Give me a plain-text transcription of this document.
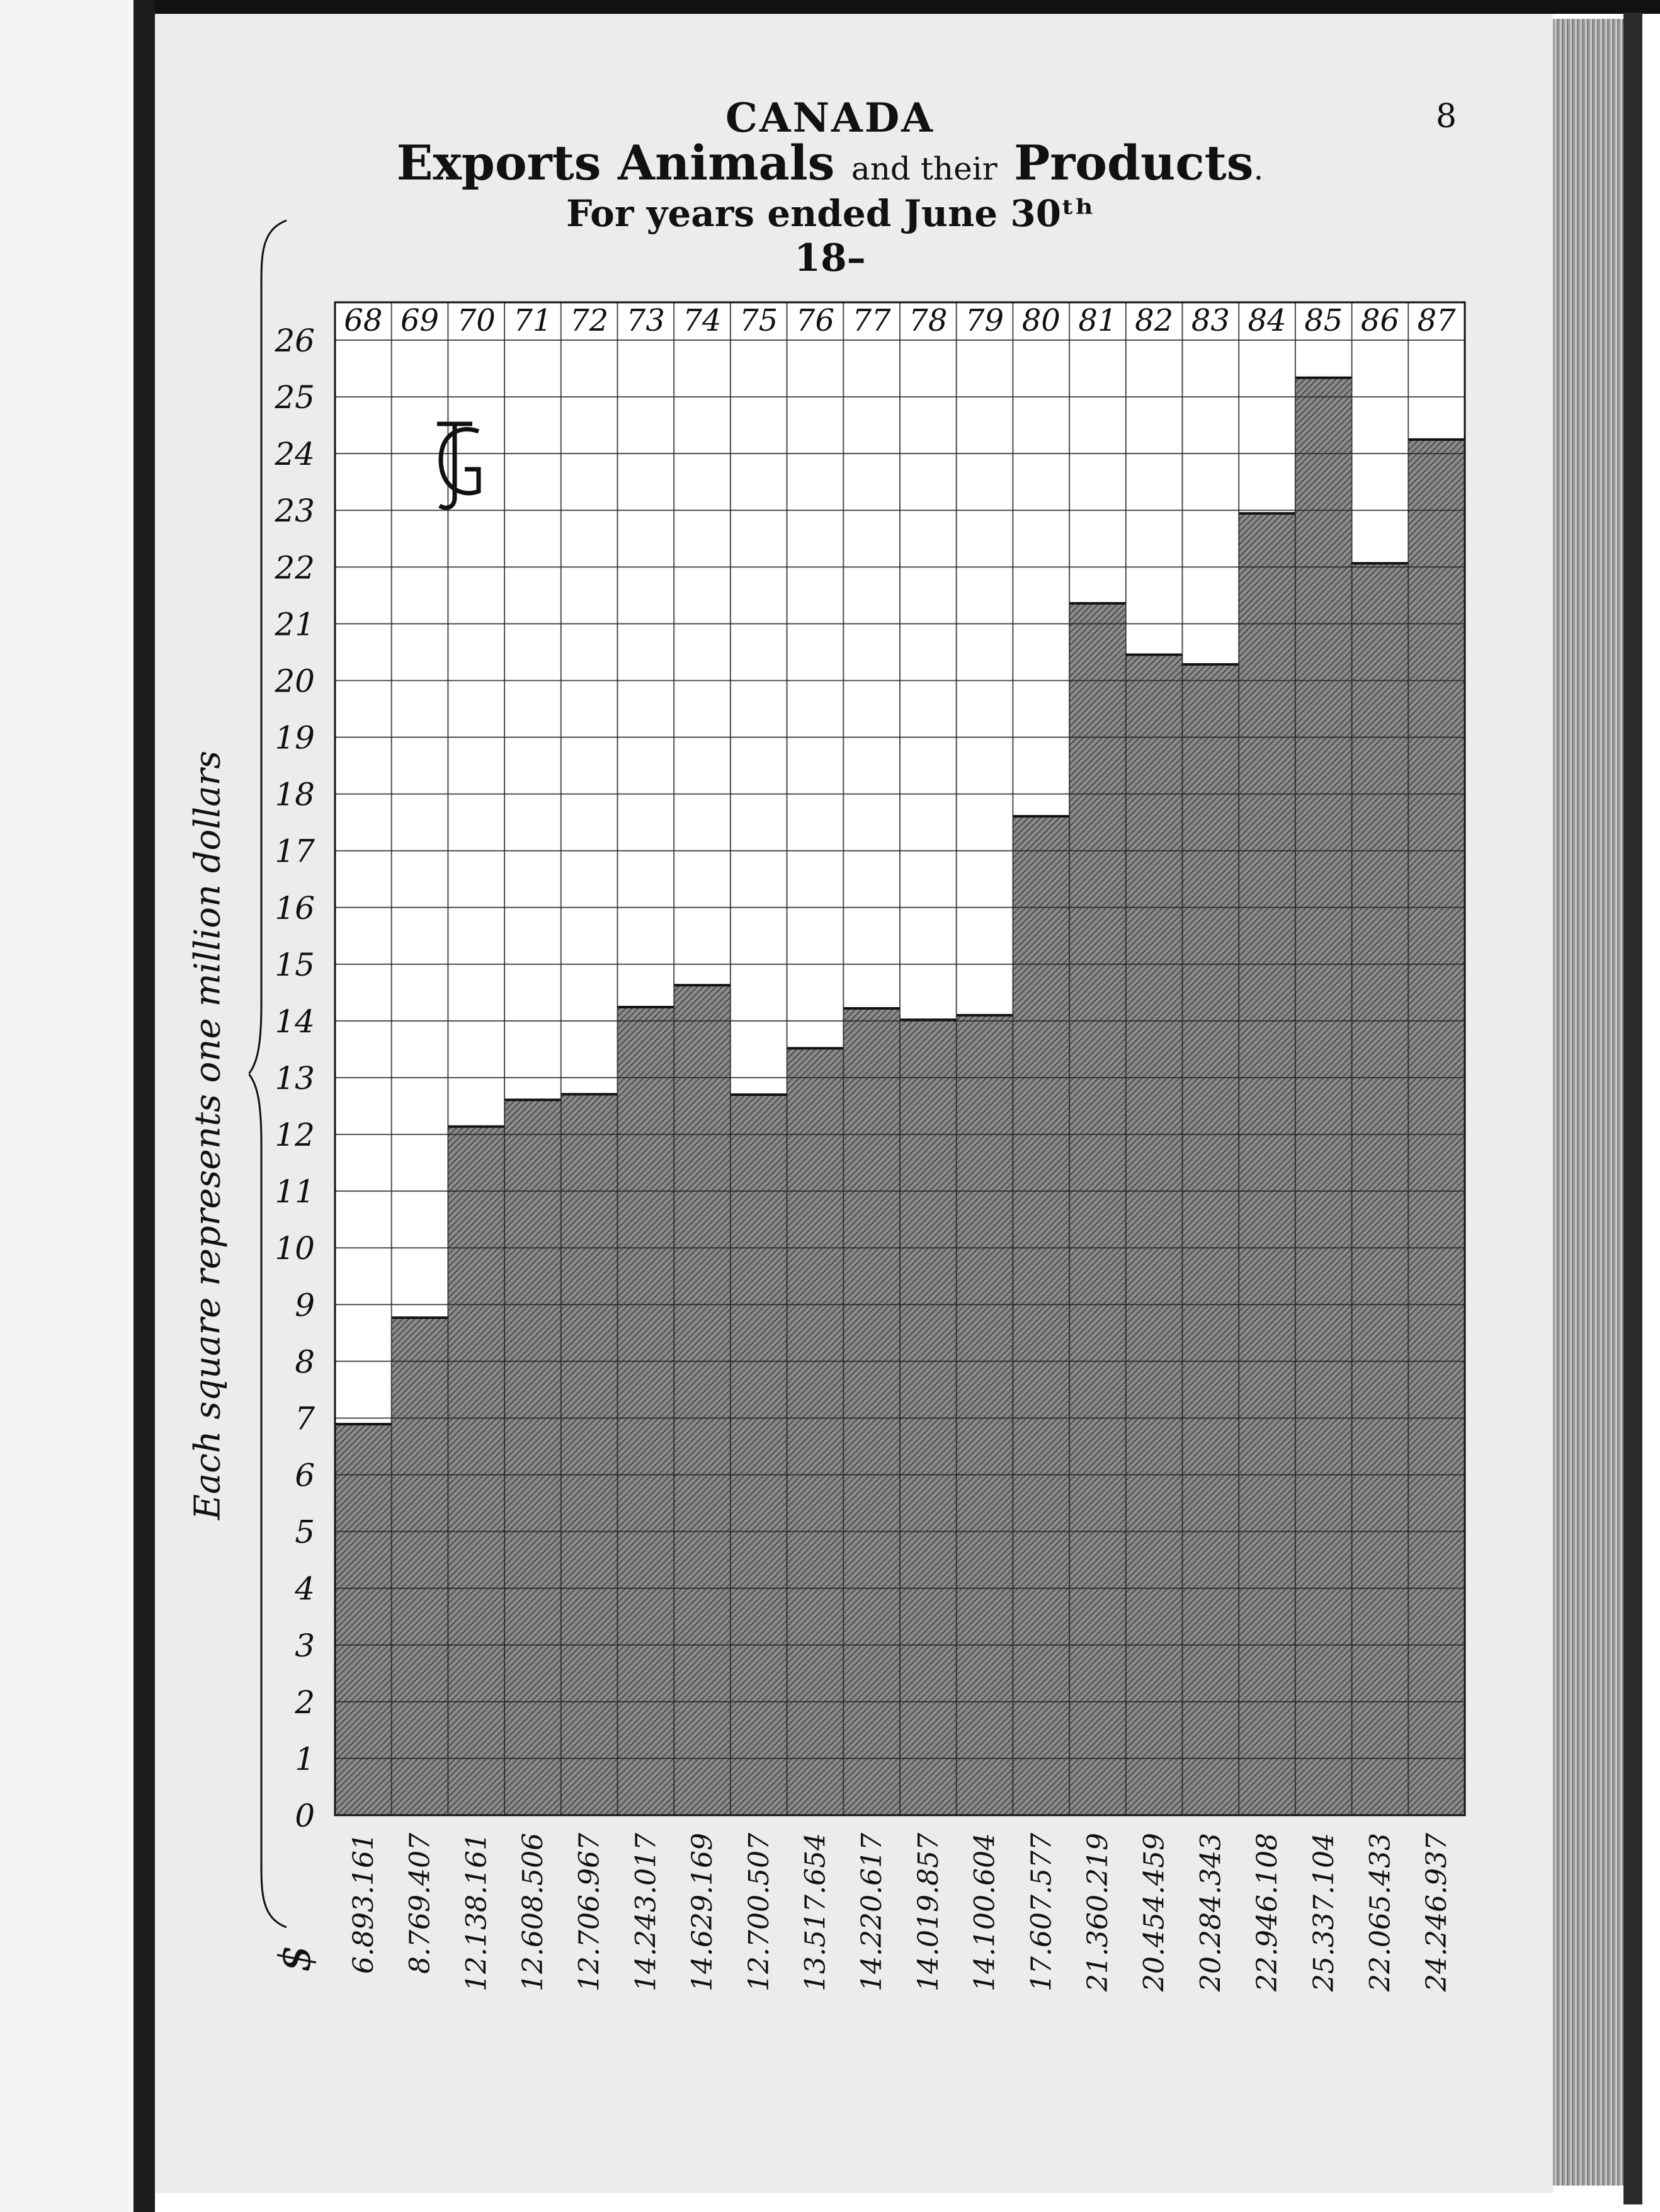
8
CANADA
Exports Animals and their Products.
For years ended June 30ᵗʰ
18–
Each square represents one million dollars
$
0
1
2
3
4
5
6
7
8
9
10
11
12
13
14
15
16
17
18
19
20
21
22
23
24
25
26
68 69 70 71 72 73 74 75 76 77 78 79 80 81 82 83 84 85 86 87
6.893.161 8.769.407 12.138.161 12.608.506 12.706.967 14.243.017 14.629.169 12.700.507 13.517.654 14.220.617 14.019.857 14.100.604 17.607.577 21.360.219 20.454.459 20.284.343 22.946.108 25.337.104 22.065.433 24.246.937
